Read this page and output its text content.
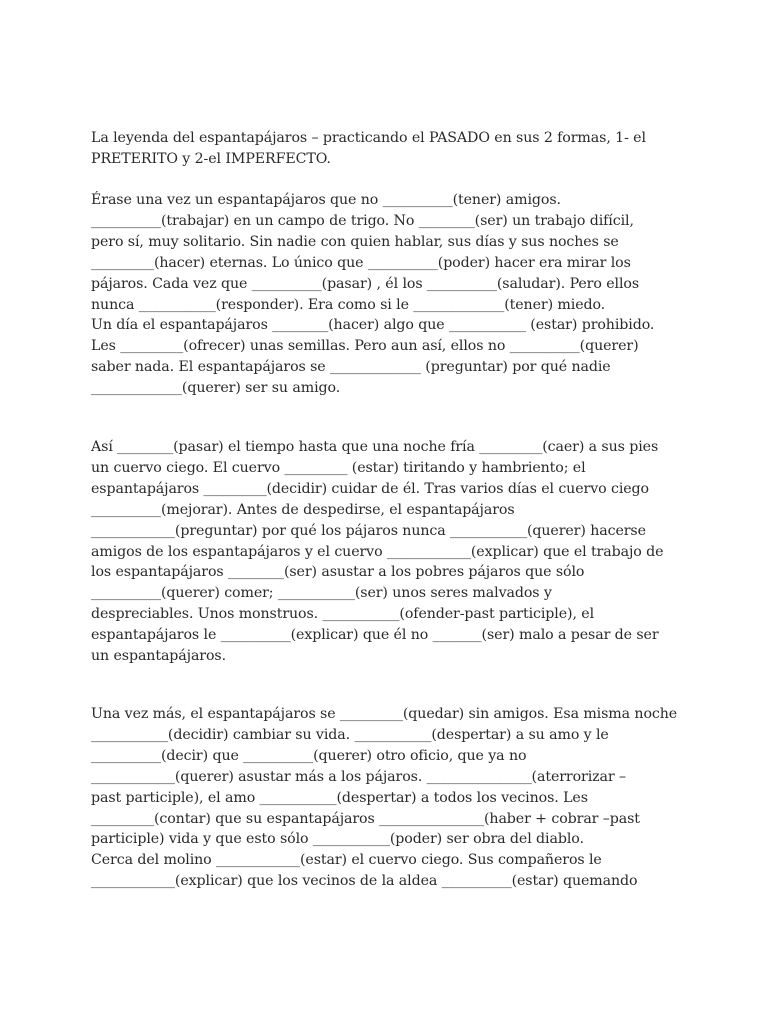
La leyenda del espantapájaros – practicando el PASADO en sus 2 formas, 1- el
PRETERITO y 2-el IMPERFECTO.
Érase una vez un espantapájaros que no __________(tener) amigos.
__________(trabajar) en un campo de trigo. No ________(ser) un trabajo difícil,
pero sí, muy solitario. Sin nadie con quien hablar, sus días y sus noches se
_________(hacer) eternas. Lo único que __________(poder) hacer era mirar los
pájaros. Cada vez que __________(pasar) , él los __________(saludar). Pero ellos
nunca ___________(responder). Era como si le _____________(tener) miedo.
Un día el espantapájaros ________(hacer) algo que ___________ (estar) prohibido.
Les _________(ofrecer) unas semillas. Pero aun así, ellos no __________(querer)
saber nada. El espantapájaros se _____________ (preguntar) por qué nadie
_____________(querer) ser su amigo.
Así ________(pasar) el tiempo hasta que una noche fría _________(caer) a sus pies
un cuervo ciego. El cuervo _________ (estar) tiritando y hambriento; el
espantapájaros _________(decidir) cuidar de él. Tras varios días el cuervo ciego
__________(mejorar). Antes de despedirse, el espantapájaros
____________(preguntar) por qué los pájaros nunca ___________(querer) hacerse
amigos de los espantapájaros y el cuervo ____________(explicar) que el trabajo de
los espantapájaros ________(ser) asustar a los pobres pájaros que sólo
__________(querer) comer; ___________(ser) unos seres malvados y
despreciables. Unos monstruos. ___________(ofender-past participle), el
espantapájaros le __________(explicar) que él no _______(ser) malo a pesar de ser
un espantapájaros.
Una vez más, el espantapájaros se _________(quedar) sin amigos. Esa misma noche
___________(decidir) cambiar su vida. ___________(despertar) a su amo y le
__________(decir) que __________(querer) otro oficio, que ya no
____________(querer) asustar más a los pájaros. _______________(aterrorizar –
past participle), el amo ___________(despertar) a todos los vecinos. Les
_________(contar) que su espantapájaros _______________(haber + cobrar –past
participle) vida y que esto sólo ___________(poder) ser obra del diablo.
Cerca del molino ____________(estar) el cuervo ciego. Sus compañeros le
____________(explicar) que los vecinos de la aldea __________(estar) quemando
